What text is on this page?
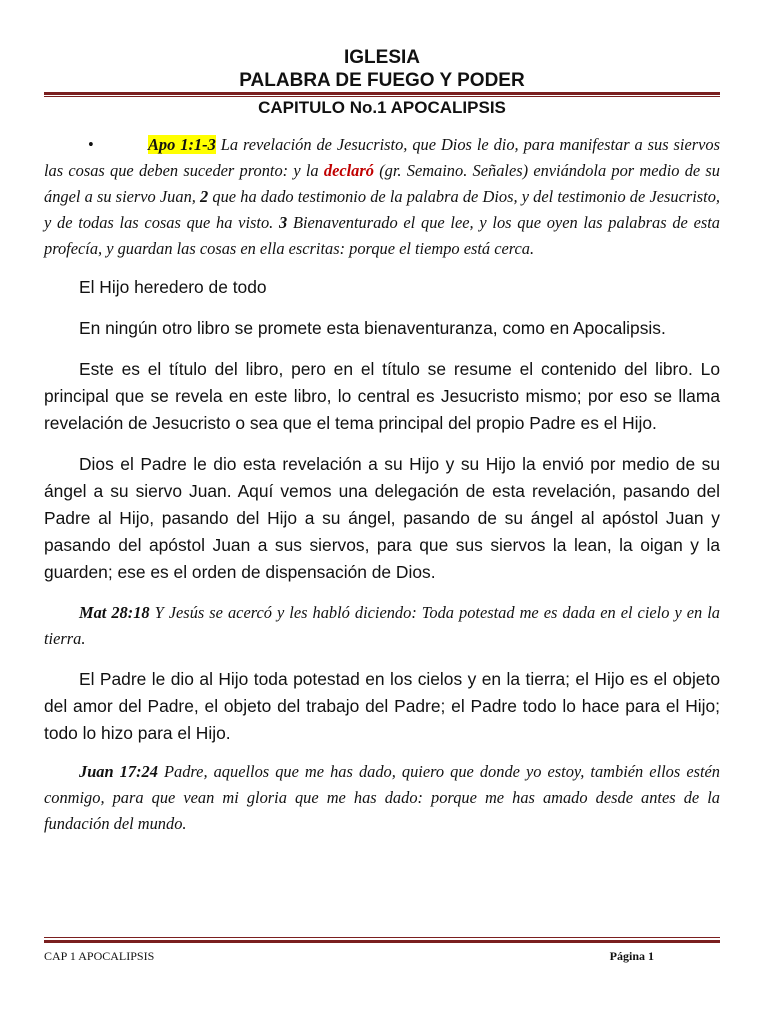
IGLESIA
PALABRA DE FUEGO Y PODER
CAPITULO No.1 APOCALIPSIS

•	Apo 1:1-3 La revelación de Jesucristo, que Dios le dio, para manifestar a sus siervos las cosas que deben suceder pronto: y la declaró (gr. Semaino. Señales) enviándola por medio de su ángel a su siervo Juan, 2 que ha dado testimonio de la palabra de Dios, y del testimonio de Jesucristo, y de todas las cosas que ha visto. 3 Bienaventurado el que lee, y los que oyen las palabras de esta profecía, y guardan las cosas en ella escritas: porque el tiempo está cerca.

El Hijo heredero de todo

En ningún otro libro se promete esta bienaventuranza, como en Apocalipsis.

Este es el título del libro, pero en el título se resume el contenido del libro. Lo principal que se revela en este libro, lo central es Jesucristo mismo; por eso se llama revelación de Jesucristo o sea que el tema principal del propio Padre es el Hijo.

Dios el Padre le dio esta revelación a su Hijo y su Hijo la envió por medio de su ángel a su siervo Juan. Aquí vemos una delegación de esta revelación, pasando del Padre al Hijo, pasando del Hijo a su ángel, pasando de su ángel al apóstol Juan y pasando del apóstol Juan a sus siervos, para que sus siervos la lean, la oigan y la guarden; ese es el orden de dispensación de Dios.

Mat 28:18 Y Jesús se acercó y les habló diciendo: Toda potestad me es dada en el cielo y en la tierra.

El Padre le dio al Hijo toda potestad en los cielos y en la tierra; el Hijo es el objeto del amor del Padre, el objeto del trabajo del Padre; el Padre todo lo hace para el Hijo; todo lo hizo para el Hijo.

Juan 17:24 Padre, aquellos que me has dado, quiero que donde yo estoy, también ellos estén conmigo, para que vean mi gloria que me has dado: porque me has amado desde antes de la fundación del mundo.

CAP 1 APOCALIPSIS	Página 1
